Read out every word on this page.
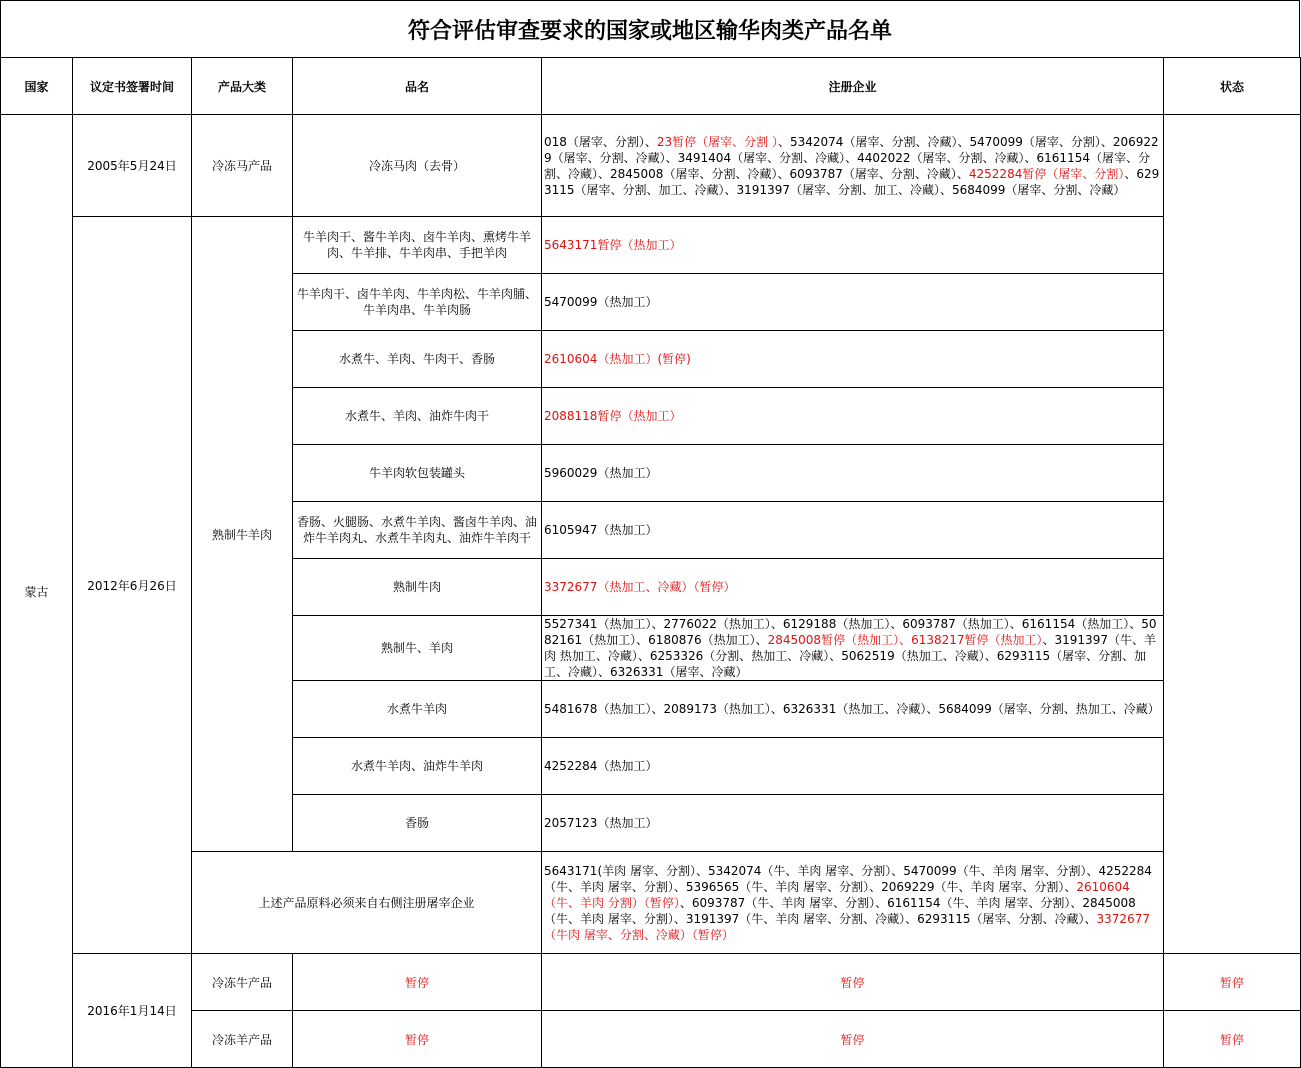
符合评估审查要求的国家或地区输华肉类产品名单
国家	议定书签署时间	产品大类	品名	注册企业	状态
蒙古	2005年5月24日	冷冻马产品	冷冻马肉（去骨）	018（屠宰、分割）、23暂停（屠宰、分割 ）、5342074（屠宰、分割、冷藏）、5470099（屠宰、分割）、2069229（屠宰、分割、冷藏）、3491404（屠宰、分割、冷藏）、4402022（屠宰、分割、冷藏）、6161154（屠宰、分割、冷藏）、2845008（屠宰、分割、冷藏）、6093787（屠宰、分割、冷藏）、4252284暂停（屠宰、分割）、6293115（屠宰、分割、加工、冷藏）、3191397（屠宰、分割、加工、冷藏）、5684099（屠宰、分割、冷藏）	
	2012年6月26日	熟制牛羊肉	牛羊肉干、酱牛羊肉、卤牛羊肉、熏烤牛羊肉、牛羊排、牛羊肉串、手把羊肉	5643171暂停（热加工）	
			牛羊肉干、卤牛羊肉、牛羊肉松、牛羊肉脯、牛羊肉串、牛羊肉肠	5470099（热加工）	
			水煮牛、羊肉、牛肉干、香肠	2610604（热加工）(暂停)	
			水煮牛、羊肉、油炸牛肉干	2088118暂停（热加工）	
			牛羊肉软包装罐头	5960029（热加工）	
			香肠、火腿肠、水煮牛羊肉、酱卤牛羊肉、油炸牛羊肉丸、水煮牛羊肉丸、油炸牛羊肉干	6105947（热加工）	
			熟制牛肉	3372677（热加工、冷藏）（暂停）	
			熟制牛、羊肉	5527341（热加工）、2776022（热加工）、6129188（热加工）、6093787（热加工）、6161154（热加工）、5082161（热加工）、6180876（热加工）、2845008暂停（热加工）、6138217暂停（热加工）、3191397（牛、羊肉 热加工、冷藏）、6253326（分割、热加工、冷藏）、5062519（热加工、冷藏）、6293115（屠宰、分割、加工、冷藏）、6326331（屠宰、冷藏）	
			水煮牛羊肉	5481678（热加工）、2089173（热加工）、6326331（热加工、冷藏）、5684099（屠宰、分割、热加工、冷藏）	
			水煮牛羊肉、油炸牛羊肉	4252284（热加工）	
			香肠	2057123（热加工）	
		上述产品原料必须来自右侧注册屠宰企业		5643171(羊肉 屠宰、分割）、5342074（牛、羊肉 屠宰、分割）、5470099（牛、羊肉 屠宰、分割）、4252284（牛、羊肉 屠宰、分割）、5396565（牛、羊肉 屠宰、分割）、2069229（牛、羊肉 屠宰、分割）、2610604（牛、羊肉 分割）（暂停）、6093787（牛、羊肉 屠宰、分割）、6161154（牛、羊肉 屠宰、分割）、2845008（牛、羊肉 屠宰、分割）、3191397（牛、羊肉 屠宰、分割、冷藏）、6293115（屠宰、分割、冷藏）、3372677（牛肉 屠宰、分割、冷藏）（暂停）	
	2016年1月14日	冷冻牛产品	暂停	暂停	暂停
		冷冻羊产品	暂停	暂停	暂停
